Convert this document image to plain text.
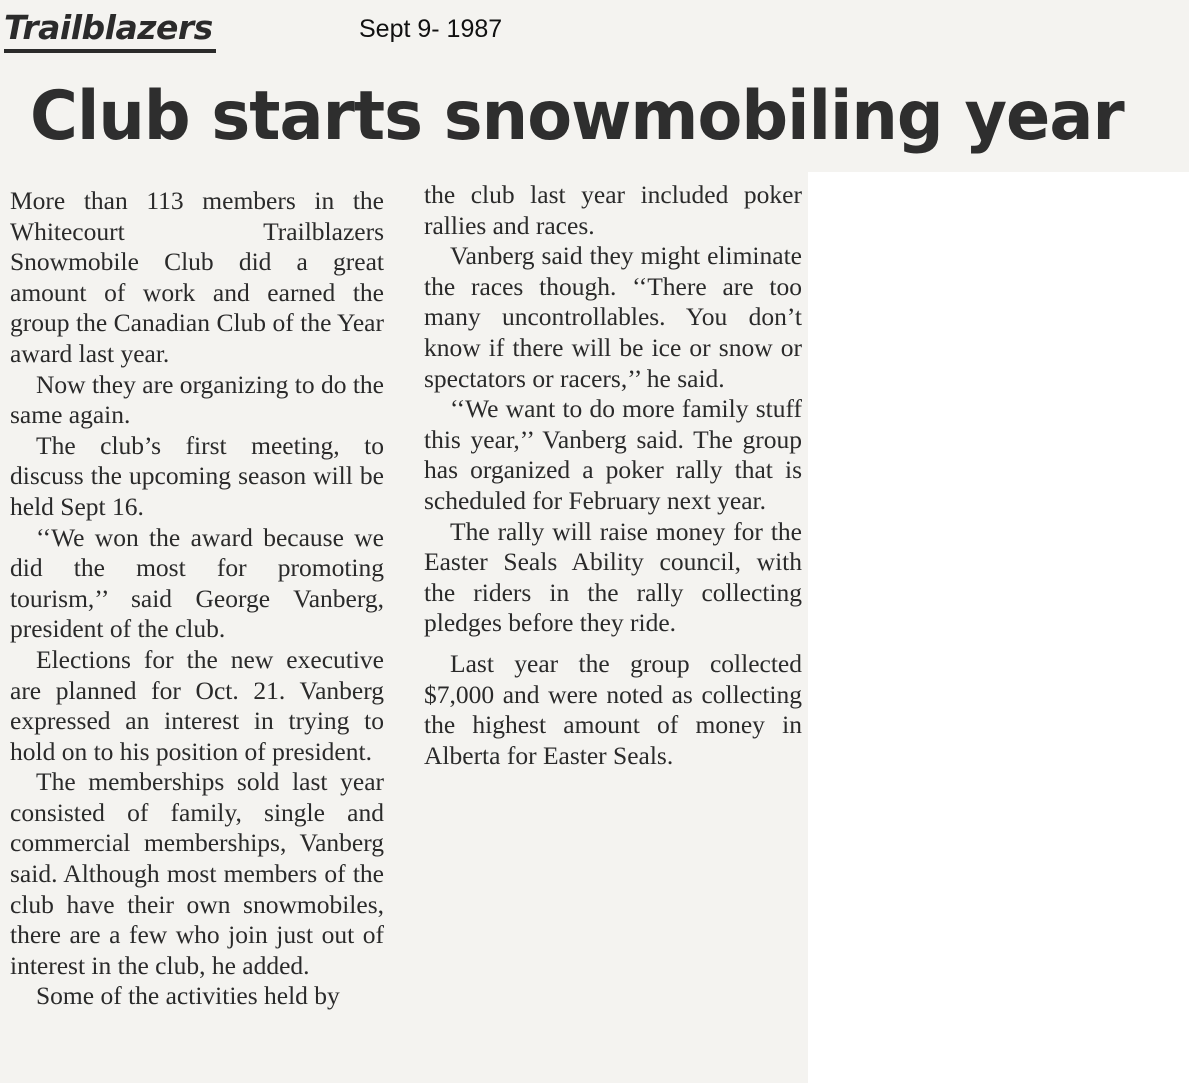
Trailblazers
Club starts snowmobiling year

More than 113 members in the Whitecourt Trailblazers Snowmobile Club did a great amount of work and earned the group the Canadian Club of the Year award last year.

Now they are organizing to do the same again.

The club’s first meeting, to discuss the upcoming season will be held Sept 16.

‘‘We won the award because we did the most for promoting tourism,’’ said George Vanberg, president of the club.

Elections for the new executive are planned for Oct. 21. Vanberg expressed an interest in trying to hold on to his position of president.

The memberships sold last year consisted of family, single and commercial memberships, Vanberg said. Although most members of the club have their own snowmobiles, there are a few who join just out of interest in the club, he added.

Some of the activities held by

the club last year included poker rallies and races.

Vanberg said they might eliminate the races though. ‘‘There are too many uncontrollables. You don’t know if there will be ice or snow or spectators or racers,’’ he said.

‘‘We want to do more family stuff this year,’’ Vanberg said. The group has organized a poker rally that is scheduled for February next year.

The rally will raise money for the Easter Seals Ability council, with the riders in the rally collecting pledges before they ride.

Last year the group collected $7,000 and were noted as collecting the highest amount of money in Alberta for Easter Seals.

Sept 9- 1987
